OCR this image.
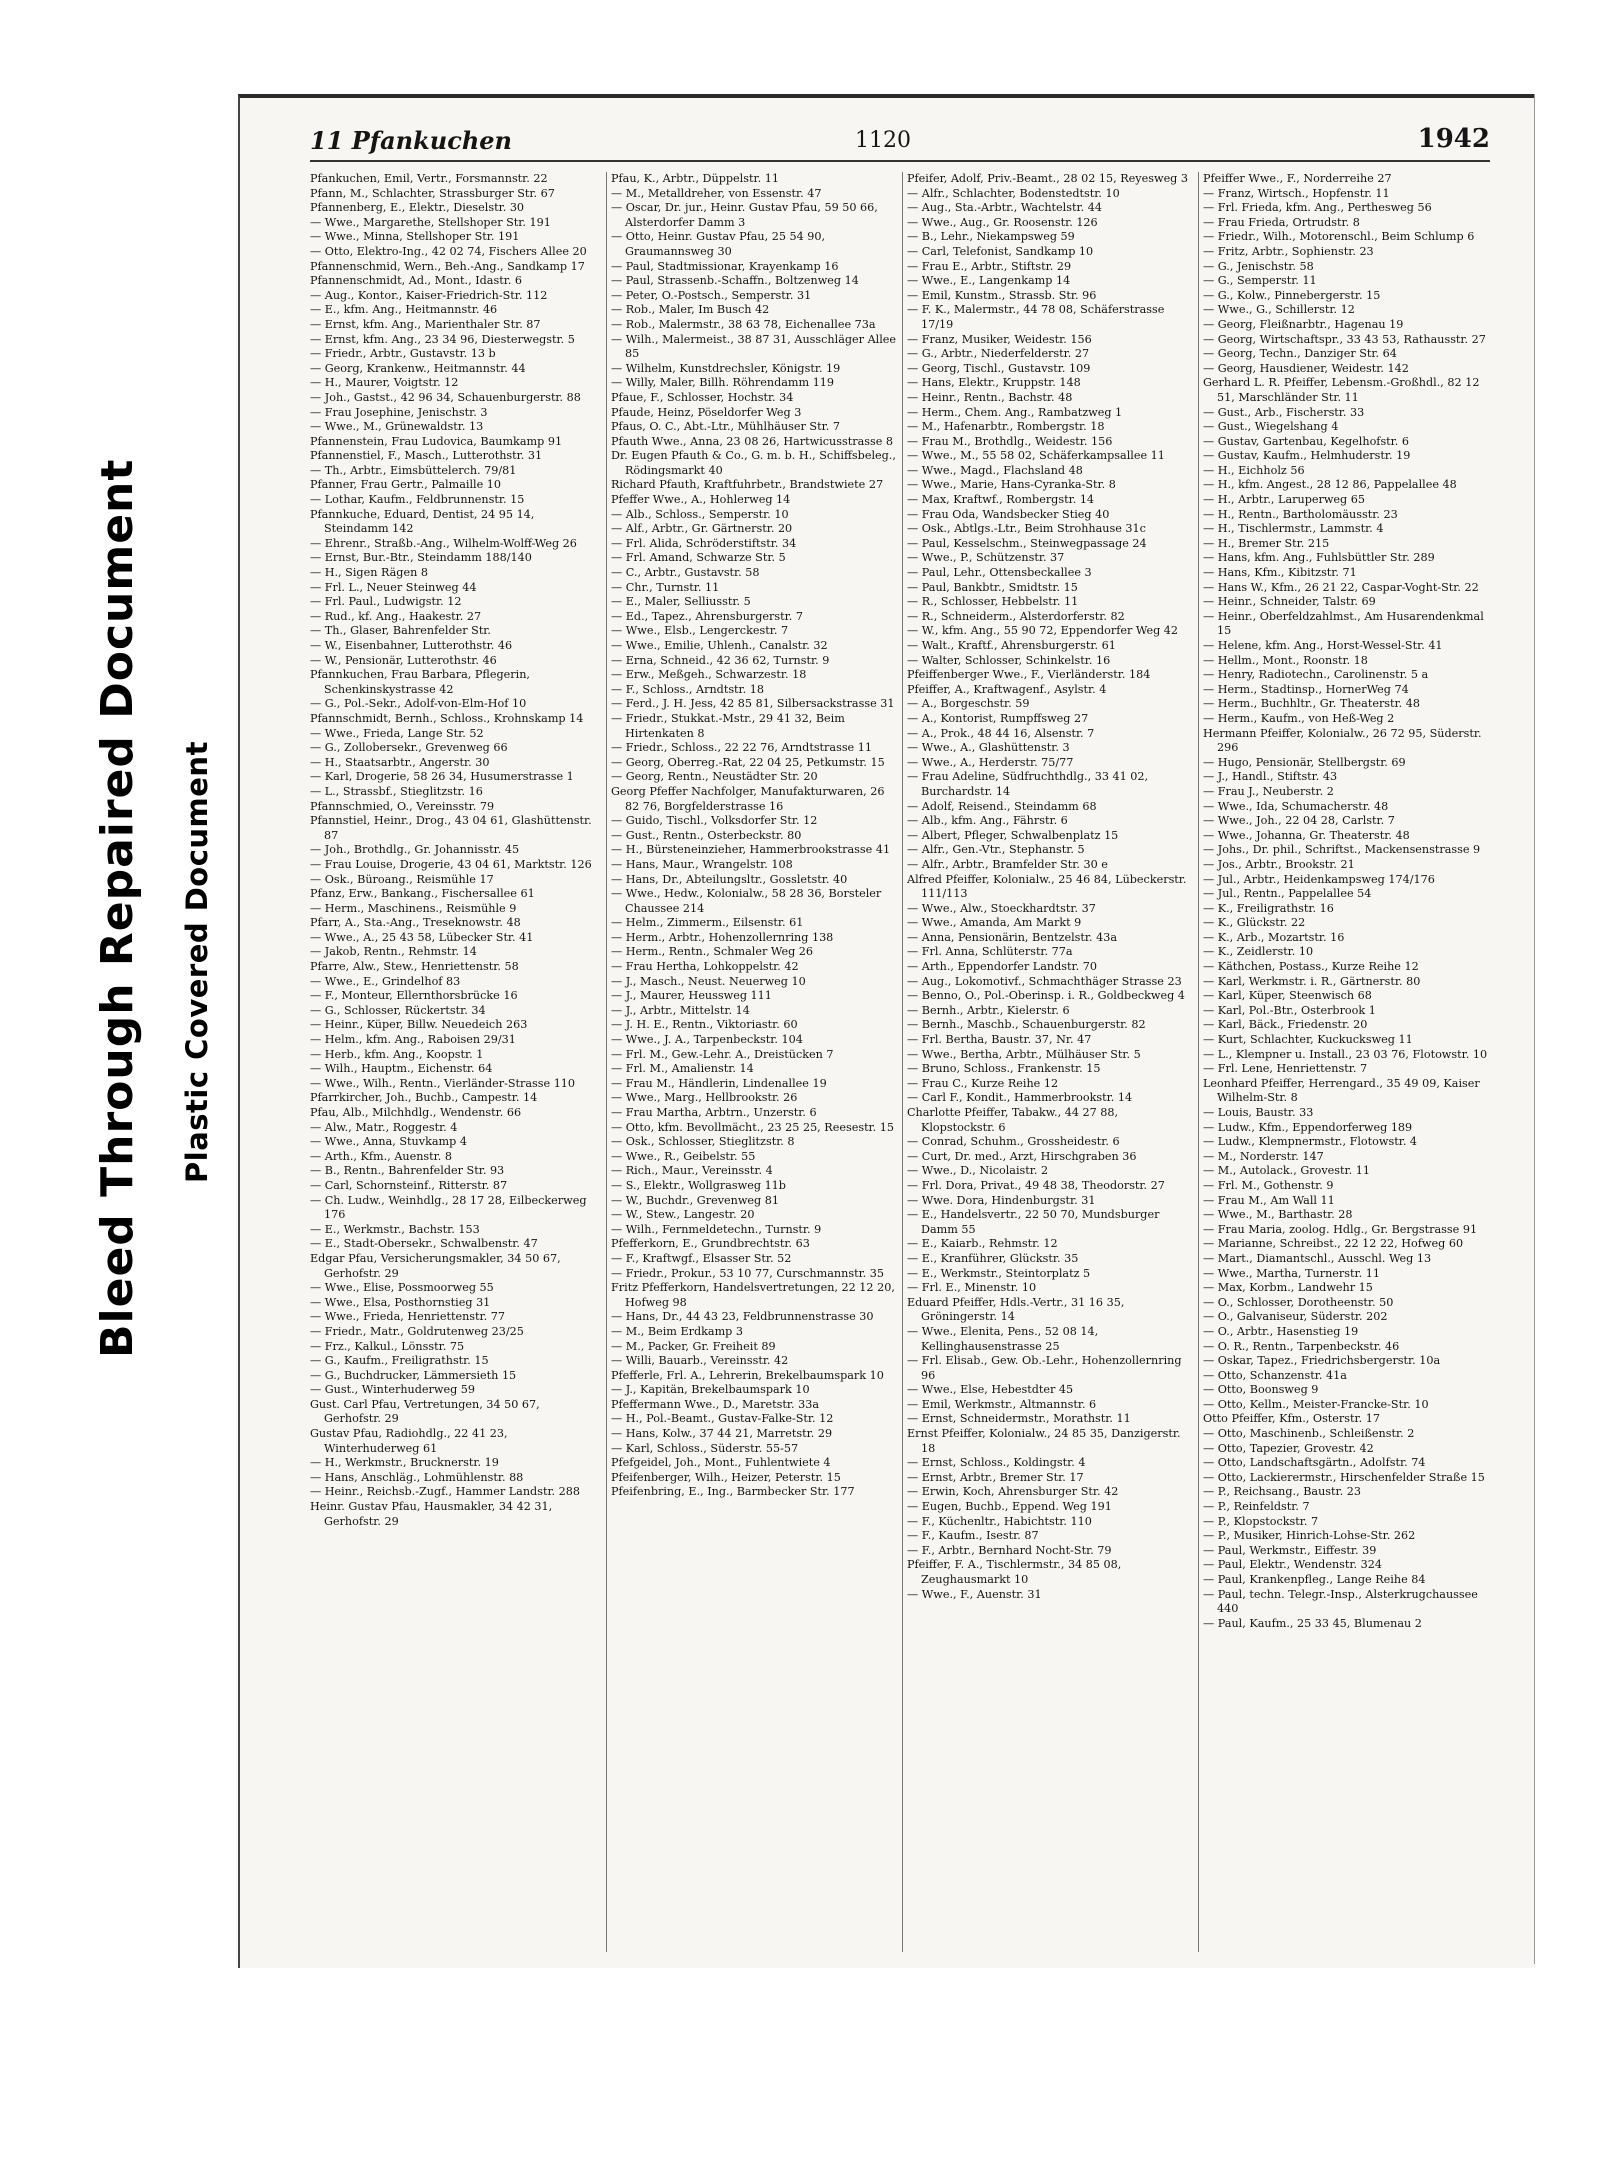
Bleed Through Repaired Document Plastic Covered Document
11 Pfankuchen	1120	1942

Pfankuchen, Emil, Vertr., Forsmannstr. 22

Pfann, M., Schlachter, Strassburger Str. 67

Pfannenberg, E., Elektr., Dieselstr. 30

— Wwe., Margarethe, Stellshoper Str. 191

— Wwe., Minna, Stellshoper Str. 191

— Otto, Elektro-Ing., 42 02 74, Fischers Allee 20

Pfannenschmid, Wern., Beh.-Ang., Sandkamp 17

Pfannenschmidt, Ad., Mont., Idastr. 6

— Aug., Kontor., Kaiser-Friedrich-Str. 112

— E., kfm. Ang., Heitmannstr. 46

— Ernst, kfm. Ang., Marienthaler Str. 87

— Ernst, kfm. Ang., 23 34 96, Diesterwegstr. 5

— Friedr., Arbtr., Gustavstr. 13 b

— Georg, Krankenw., Heitmannstr. 44

— H., Maurer, Voigtstr. 12

— Joh., Gastst., 42 96 34, Schauenburgerstr. 88

— Frau Josephine, Jenischstr. 3

— Wwe., M., Grünewaldstr. 13

Pfannenstein, Frau Ludovica, Baumkamp 91

Pfannenstiel, F., Masch., Lutterothstr. 31

— Th., Arbtr., Eimsbüttelerch. 79/81

Pfanner, Frau Gertr., Palmaille 10

— Lothar, Kaufm., Feldbrunnenstr. 15

Pfannkuche, Eduard, Dentist, 24 95 14, Steindamm 142

— Ehrenr., Straßb.-Ang., Wilhelm-Wolff-Weg 26

— Ernst, Bur.-Btr., Steindamm 188/140

— H., Sigen Rägen 8

— Frl. L., Neuer Steinweg 44

— Frl. Paul., Ludwigstr. 12

— Rud., kf. Ang., Haakestr. 27

— Th., Glaser, Bahrenfelder Str.

— W., Eisenbahner, Lutterothstr. 46

— W., Pensionär, Lutterothstr. 46

Pfannkuchen, Frau Barbara, Pflegerin, Schenkinskystrasse 42

— G., Pol.-Sekr., Adolf-von-Elm-Hof 10

Pfannschmidt, Bernh., Schloss., Krohnskamp 14

— Wwe., Frieda, Lange Str. 52

— G., Zollobersekr., Grevenweg 66

— H., Staatsarbtr., Angerstr. 30

— Karl, Drogerie, 58 26 34, Husumerstrasse 1

— L., Strassbf., Stieglitzstr. 16

Pfannschmied, O., Vereinsstr. 79

Pfannstiel, Heinr., Drog., 43 04 61, Glashüttenstr. 87

— Joh., Brothdlg., Gr. Johannisstr. 45

— Frau Louise, Drogerie, 43 04 61, Marktstr. 126

— Osk., Büroang., Reismühle 17

Pfanz, Erw., Bankang., Fischersallee 61

— Herm., Maschinens., Reismühle 9

Pfarr, A., Sta.-Ang., Treseknowstr. 48

— Wwe., A., 25 43 58, Lübecker Str. 41

— Jakob, Rentn., Rehmstr. 14

Pfarre, Alw., Stew., Henriettenstr. 58

— Wwe., E., Grindelhof 83

— F., Monteur, Ellernthorsbrücke 16

— G., Schlosser, Rückertstr. 34

— Heinr., Küper, Billw. Neuedeich 263

— Helm., kfm. Ang., Raboisen 29/31

— Herb., kfm. Ang., Koopstr. 1

— Wilh., Hauptm., Eichenstr. 64

— Wwe., Wilh., Rentn., Vierländer-Strasse 110

Pfarrkircher, Joh., Buchb., Campestr. 14

Pfau, Alb., Milchhdlg., Wendenstr. 66

— Alw., Matr., Roggestr. 4

— Wwe., Anna, Stuvkamp 4

— Arth., Kfm., Auenstr. 8

— B., Rentn., Bahrenfelder Str. 93

— Carl, Schornsteinf., Ritterstr. 87

— Ch. Ludw., Weinhdlg., 28 17 28, Eilbeckerweg 176

— E., Werkmstr., Bachstr. 153

— E., Stadt-Obersekr., Schwalbenstr. 47

Edgar Pfau, Versicherungsmakler, 34 50 67, Gerhofstr. 29

— Wwe., Elise, Possmoorweg 55

— Wwe., Elsa, Posthornstieg 31

— Wwe., Frieda, Henriettenstr. 77

— Friedr., Matr., Goldrutenweg 23/25

— Frz., Kalkul., Lönsstr. 75

— G., Kaufm., Freiligrathstr. 15

— G., Buchdrucker, Lämmersieth 15

— Gust., Winterhuderweg 59

Gust. Carl Pfau, Vertretungen, 34 50 67, Gerhofstr. 29

Gustav Pfau, Radiohdlg., 22 41 23, Winterhuderweg 61

— H., Werkmstr., Brucknerstr. 19

— Hans, Anschläg., Lohmühlenstr. 88

— Heinr., Reichsb.-Zugf., Hammer Landstr. 288

Heinr. Gustav Pfau, Hausmakler, 34 42 31, Gerhofstr. 29

Pfau, K., Arbtr., Düppelstr. 11

— M., Metalldreher, von Essenstr. 47

— Oscar, Dr. jur., Heinr. Gustav Pfau, 59 50 66, Alsterdorfer Damm 3

— Otto, Heinr. Gustav Pfau, 25 54 90, Graumannsweg 30

— Paul, Stadtmissionar, Krayenkamp 16

— Paul, Strassenb.-Schaffn., Boltzenweg 14

— Peter, O.-Postsch., Semperstr. 31

— Rob., Maler, Im Busch 42

— Rob., Malermstr., 38 63 78, Eichenallee 73a

— Wilh., Malermeist., 38 87 31, Ausschläger Allee 85

— Wilhelm, Kunstdrechsler, Königstr. 19

— Willy, Maler, Billh. Röhrendamm 119

Pfaue, F., Schlosser, Hochstr. 34

Pfaude, Heinz, Pöseldorfer Weg 3

Pfaus, O. C., Abt.-Ltr., Mühlhäuser Str. 7

Pfauth Wwe., Anna, 23 08 26, Hartwicusstrasse 8

Dr. Eugen Pfauth & Co., G. m. b. H., Schiffsbeleg., Rödingsmarkt 40

Richard Pfauth, Kraftfuhrbetr., Brandstwiete 27

Pfeffer Wwe., A., Hohlerweg 14

— Alb., Schloss., Semperstr. 10

— Alf., Arbtr., Gr. Gärtnerstr. 20

— Frl. Alida, Schröderstiftstr. 34

— Frl. Amand, Schwarze Str. 5

— C., Arbtr., Gustavstr. 58

— Chr., Turnstr. 11

— E., Maler, Selliusstr. 5

— Ed., Tapez., Ahrensburgerstr. 7

— Wwe., Elsb., Lengerckestr. 7

— Wwe., Emilie, Uhlenh., Canalstr. 32

— Erna, Schneid., 42 36 62, Turnstr. 9

— Erw., Meßgeh., Schwarzestr. 18

— F., Schloss., Arndtstr. 18

— Ferd., J. H. Jess, 42 85 81, Silbersackstrasse 31

— Friedr., Stukkat.-Mstr., 29 41 32, Beim Hirtenkaten 8

— Friedr., Schloss., 22 22 76, Arndtstrasse 11

— Georg, Oberreg.-Rat, 22 04 25, Petkumstr. 15

— Georg, Rentn., Neustädter Str. 20

Georg Pfeffer Nachfolger, Manufakturwaren, 26 82 76, Borgfelderstrasse 16

— Guido, Tischl., Volksdorfer Str. 12

— Gust., Rentn., Osterbeckstr. 80

— H., Bürsteneinzieher, Hammerbrookstrasse 41

— Hans, Maur., Wrangelstr. 108

— Hans, Dr., Abteilungsltr., Gossletstr. 40

— Wwe., Hedw., Kolonialw., 58 28 36, Borsteler Chaussee 214

— Helm., Zimmerm., Eilsenstr. 61

— Herm., Arbtr., Hohenzollernring 138

— Herm., Rentn., Schmaler Weg 26

— Frau Hertha, Lohkoppelstr. 42

— J., Masch., Neust. Neuerweg 10

— J., Maurer, Heussweg 111

— J., Arbtr., Mittelstr. 14

— J. H. E., Rentn., Viktoriastr. 60

— Wwe., J. A., Tarpenbeckstr. 104

— Frl. M., Gew.-Lehr. A., Dreistücken 7

— Frl. M., Amalienstr. 14

— Frau M., Händlerin, Lindenallee 19

— Wwe., Marg., Hellbrookstr. 26

— Frau Martha, Arbtrn., Unzerstr. 6

— Otto, kfm. Bevollmächt., 23 25 25, Reesestr. 15

— Osk., Schlosser, Stieglitzstr. 8

— Wwe., R., Geibelstr. 55

— Rich., Maur., Vereinsstr. 4

— S., Elektr., Wollgrasweg 11b

— W., Buchdr., Grevenweg 81

— W., Stew., Langestr. 20

— Wilh., Fernmeldetechn., Turnstr. 9

Pfefferkorn, E., Grundbrechtstr. 63

— F., Kraftwgf., Elsasser Str. 52

— Friedr., Prokur., 53 10 77, Curschmannstr. 35

Fritz Pfefferkorn, Handelsvertretungen, 22 12 20, Hofweg 98

— Hans, Dr., 44 43 23, Feldbrunnenstrasse 30

— M., Beim Erdkamp 3

— M., Packer, Gr. Freiheit 89

— Willi, Bauarb., Vereinsstr. 42

Pfefferle, Frl. A., Lehrerin, Brekelbaumspark 10

— J., Kapitän, Brekelbaumspark 10

Pfeffermann Wwe., D., Maretstr. 33a

— H., Pol.-Beamt., Gustav-Falke-Str. 12

— Hans, Kolw., 37 44 21, Marretstr. 29

— Karl, Schloss., Süderstr. 55-57

Pfefgeidel, Joh., Mont., Fuhlentwiete 4

Pfeifenberger, Wilh., Heizer, Peterstr. 15

Pfeifenbring, E., Ing., Barmbecker Str. 177

Pfeifer, Adolf, Priv.-Beamt., 28 02 15, Reyesweg 3

— Alfr., Schlachter, Bodenstedtstr. 10

— Aug., Sta.-Arbtr., Wachtelstr. 44

— Wwe., Aug., Gr. Roosenstr. 126

— B., Lehr., Niekampsweg 59

— Carl, Telefonist, Sandkamp 10

— Frau E., Arbtr., Stiftstr. 29

— Wwe., E., Langenkamp 14

— Emil, Kunstm., Strassb. Str. 96

— F. K., Malermstr., 44 78 08, Schäferstrasse 17/19

— Franz, Musiker, Weidestr. 156

— G., Arbtr., Niederfelderstr. 27

— Georg, Tischl., Gustavstr. 109

— Hans, Elektr., Kruppstr. 148

— Heinr., Rentn., Bachstr. 48

— Herm., Chem. Ang., Rambatzweg 1

— M., Hafenarbtr., Rombergstr. 18

— Frau M., Brothdlg., Weidestr. 156

— Wwe., M., 55 58 02, Schäferkampsallee 11

— Wwe., Magd., Flachsland 48

— Wwe., Marie, Hans-Cyranka-Str. 8

— Max, Kraftwf., Rombergstr. 14

— Frau Oda, Wandsbecker Stieg 40

— Osk., Abtlgs.-Ltr., Beim Strohhause 31c

— Paul, Kesselschm., Steinwegpassage 24

— Wwe., P., Schützenstr. 37

— Paul, Lehr., Ottensbeckallee 3

— Paul, Bankbtr., Smidtstr. 15

— R., Schlosser, Hebbelstr. 11

— R., Schneiderm., Alsterdorferstr. 82

— W., kfm. Ang., 55 90 72, Eppendorfer Weg 42

— Walt., Kraftf., Ahrensburgerstr. 61

— Walter, Schlosser, Schinkelstr. 16

Pfeiffenberger Wwe., F., Vierländerstr. 184

Pfeiffer, A., Kraftwagenf., Asylstr. 4

— A., Borgeschstr. 59

— A., Kontorist, Rumpffsweg 27

— A., Prok., 48 44 16, Alsenstr. 7

— Wwe., A., Glashüttenstr. 3

— Wwe., A., Herderstr. 75/77

— Frau Adeline, Südfruchthdlg., 33 41 02, Burchardstr. 14

— Adolf, Reisend., Steindamm 68

— Alb., kfm. Ang., Fährstr. 6

— Albert, Pfleger, Schwalbenplatz 15

— Alfr., Gen.-Vtr., Stephanstr. 5

— Alfr., Arbtr., Bramfelder Str. 30 e

Alfred Pfeiffer, Kolonialw., 25 46 84, Lübeckerstr. 111/113

— Wwe., Alw., Stoeckhardtstr. 37

— Wwe., Amanda, Am Markt 9

— Anna, Pensionärin, Bentzelstr. 43a

— Frl. Anna, Schlüterstr. 77a

— Arth., Eppendorfer Landstr. 70

— Aug., Lokomotivf., Schmachthäger Strasse 23

— Benno, O., Pol.-Oberinsp. i. R., Goldbeckweg 4

— Bernh., Arbtr., Kielerstr. 6

— Bernh., Maschb., Schauenburgerstr. 82

— Frl. Bertha, Baustr. 37, Nr. 47

— Wwe., Bertha, Arbtr., Mülhäuser Str. 5

— Bruno, Schloss., Frankenstr. 15

— Frau C., Kurze Reihe 12

— Carl F., Kondit., Hammerbrookstr. 14

Charlotte Pfeiffer, Tabakw., 44 27 88, Klopstockstr. 6

— Conrad, Schuhm., Grossheidestr. 6

— Curt, Dr. med., Arzt, Hirschgraben 36

— Wwe., D., Nicolaistr. 2

— Frl. Dora, Privat., 49 48 38, Theodorstr. 27

— Wwe. Dora, Hindenburgstr. 31

— E., Handelsvertr., 22 50 70, Mundsburger Damm 55

— E., Kaiarb., Rehmstr. 12

— E., Kranführer, Glückstr. 35

— E., Werkmstr., Steintorplatz 5

— Frl. E., Minenstr. 10

Eduard Pfeiffer, Hdls.-Vertr., 31 16 35, Gröningerstr. 14

— Wwe., Elenita, Pens., 52 08 14, Kellinghausenstrasse 25

— Frl. Elisab., Gew. Ob.-Lehr., Hohenzollernring 96

— Wwe., Else, Hebestdter 45

— Emil, Werkmstr., Altmannstr. 6

— Ernst, Schneidermstr., Morathstr. 11

Ernst Pfeiffer, Kolonialw., 24 85 35, Danzigerstr. 18

— Ernst, Schloss., Koldingstr. 4

— Ernst, Arbtr., Bremer Str. 17

— Erwin, Koch, Ahrensburger Str. 42

— Eugen, Buchb., Eppend. Weg 191

— F., Küchenltr., Habichtstr. 110

— F., Kaufm., Isestr. 87

— F., Arbtr., Bernhard Nocht-Str. 79

Pfeiffer, F. A., Tischlermstr., 34 85 08, Zeughausmarkt 10

— Wwe., F., Auenstr. 31

Pfeiffer Wwe., F., Norderreihe 27

— Franz, Wirtsch., Hopfenstr. 11

— Frl. Frieda, kfm. Ang., Perthesweg 56

— Frau Frieda, Ortrudstr. 8

— Friedr., Wilh., Motorenschl., Beim Schlump 6

— Fritz, Arbtr., Sophienstr. 23

— G., Jenischstr. 58

— G., Semperstr. 11

— G., Kolw., Pinnebergerstr. 15

— Wwe., G., Schillerstr. 12

— Georg, Fleißnarbtr., Hagenau 19

— Georg, Wirtschaftspr., 33 43 53, Rathausstr. 27

— Georg, Techn., Danziger Str. 64

— Georg, Hausdiener, Weidestr. 142

Gerhard L. R. Pfeiffer, Lebensm.-Großhdl., 82 12 51, Marschländer Str. 11

— Gust., Arb., Fischerstr. 33

— Gust., Wiegelshang 4

— Gustav, Gartenbau, Kegelhofstr. 6

— Gustav, Kaufm., Helmhuderstr. 19

— H., Eichholz 56

— H., kfm. Angest., 28 12 86, Pappelallee 48

— H., Arbtr., Laruperweg 65

— H., Rentn., Bartholomäusstr. 23

— H., Tischlermstr., Lammstr. 4

— H., Bremer Str. 215

— Hans, kfm. Ang., Fuhlsbüttler Str. 289

— Hans, Kfm., Kibitzstr. 71

— Hans W., Kfm., 26 21 22, Caspar-Voght-Str. 22

— Heinr., Schneider, Talstr. 69

— Heinr., Oberfeldzahlmst., Am Husarendenkmal 15

— Helene, kfm. Ang., Horst-Wessel-Str. 41

— Hellm., Mont., Roonstr. 18

— Henry, Radiotechn., Carolinenstr. 5 a

— Herm., Stadtinsp., HornerWeg 74

— Herm., Buchhltr., Gr. Theaterstr. 48

— Herm., Kaufm., von Heß-Weg 2

Hermann Pfeiffer, Kolonialw., 26 72 95, Süderstr. 296

— Hugo, Pensionär, Stellbergstr. 69

— J., Handl., Stiftstr. 43

— Frau J., Neuberstr. 2

— Wwe., Ida, Schumacherstr. 48

— Wwe., Joh., 22 04 28, Carlstr. 7

— Wwe., Johanna, Gr. Theaterstr. 48

— Johs., Dr. phil., Schriftst., Mackensenstrasse 9

— Jos., Arbtr., Brookstr. 21

— Jul., Arbtr., Heidenkampsweg 174/176

— Jul., Rentn., Pappelallee 54

— K., Freiligrathstr. 16

— K., Glückstr. 22

— K., Arb., Mozartstr. 16

— K., Zeidlerstr. 10

— Käthchen, Postass., Kurze Reihe 12

— Karl, Werkmstr. i. R., Gärtnerstr. 80

— Karl, Küper, Steenwisch 68

— Karl, Pol.-Btr., Osterbrook 1

— Karl, Bäck., Friedenstr. 20

— Kurt, Schlachter, Kuckucksweg 11

— L., Klempner u. Install., 23 03 76, Flotowstr. 10

— Frl. Lene, Henriettenstr. 7

Leonhard Pfeiffer, Herrengard., 35 49 09, Kaiser Wilhelm-Str. 8

— Louis, Baustr. 33

— Ludw., Kfm., Eppendorferweg 189

— Ludw., Klempnermstr., Flotowstr. 4

— M., Norderstr. 147

— M., Autolack., Grovestr. 11

— Frl. M., Gothenstr. 9

— Frau M., Am Wall 11

— Wwe., M., Barthastr. 28

— Frau Maria, zoolog. Hdlg., Gr. Bergstrasse 91

— Marianne, Schreibst., 22 12 22, Hofweg 60

— Mart., Diamantschl., Ausschl. Weg 13

— Wwe., Martha, Turnerstr. 11

— Max, Korbm., Landwehr 15

— O., Schlosser, Dorotheenstr. 50

— O., Galvaniseur, Süderstr. 202

— O., Arbtr., Hasenstieg 19

— O. R., Rentn., Tarpenbeckstr. 46

— Oskar, Tapez., Friedrichsbergerstr. 10a

— Otto, Schanzenstr. 41a

— Otto, Boonsweg 9

— Otto, Kellm., Meister-Francke-Str. 10

Otto Pfeiffer, Kfm., Osterstr. 17

— Otto, Maschinenb., Schleißenstr. 2

— Otto, Tapezier, Grovestr. 42

— Otto, Landschaftsgärtn., Adolfstr. 74

— Otto, Lackierermstr., Hirschenfelder Straße 15

— P., Reichsang., Baustr. 23

— P., Reinfeldstr. 7

— P., Klopstockstr. 7

— P., Musiker, Hinrich-Lohse-Str. 262

— Paul, Werkmstr., Eiffestr. 39

— Paul, Elektr., Wendenstr. 324

— Paul, Krankenpfleg., Lange Reihe 84

— Paul, techn. Telegr.-Insp., Alsterkrugchaussee 440

— Paul, Kaufm., 25 33 45, Blumenau 2
